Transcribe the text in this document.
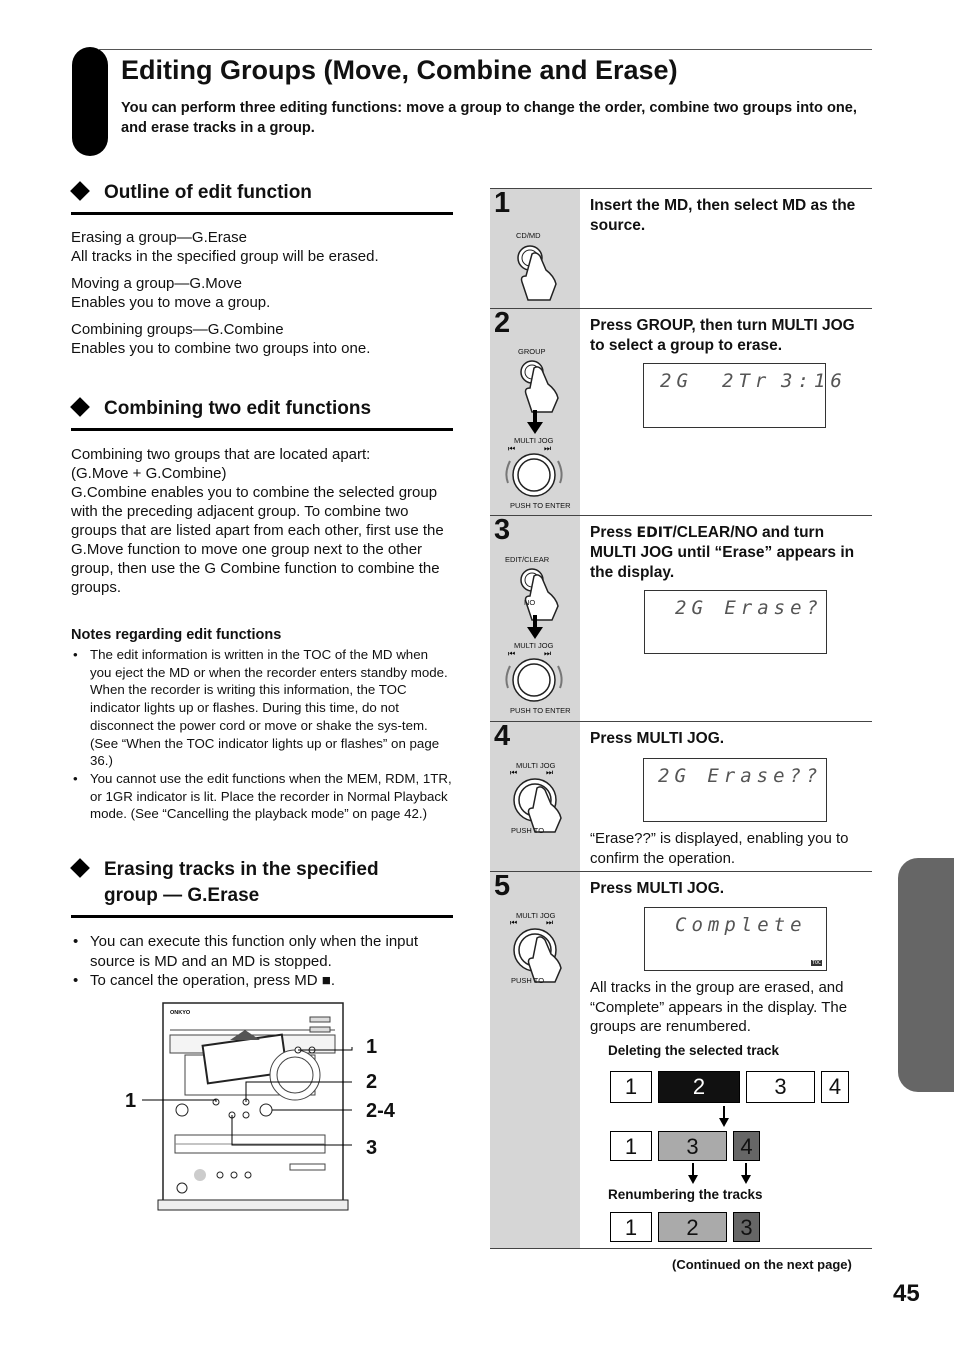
Editing Groups (Move, Combine and Erase)
You can perform three editing functions: move a group to change the order, combine two groups into one, and erase tracks in a group.
Outline of edit function

Erasing a group—G.Erase

All tracks in the specified group will be erased.

Moving a group—G.Move

Enables you to move a group.

Combining groups—G.Combine

Enables you to combine two groups into one.

Combining two edit functions

Combining two groups that are located apart:

(G.Move + G.Combine)

G.Combine enables you to combine the selected group with the preceding adjacent group. To combine two groups that are listed apart from each other, first use the G.Move function to move one group next to the other group, then use the G Combine function to combine the groups.

Notes regarding edit functions
• The edit information is written in the TOC of the MD when you eject the MD or when the recorder enters standby mode. When the recorder is writing this information, the TOC indicator lights up or flashes. During this time, do not disconnect the power cord or move or shake the sys-tem. (See “When the TOC indicator lights up or flashes” on page 36.)
• You cannot use the edit functions when the MEM, RDM, 1TR, or 1GR indicator is lit. Place the recorder in Normal Playback mode. (See “Cancelling the playback mode” on page 42.)
Erasing tracks in the specified
group — G.Erase
• You can execute this function only when the input source is MD and an MD is stopped.
• To cancel the operation, press MD ■.
ONKYO
1
2
2-4
3
1
1
CD/MD
Insert the MD, then select MD as the source.
2
GROUP
MULTI JOG
⏮	⏭
PUSH TO ENTER
Press GROUP, then turn MULTI JOG to select a group to erase.
2G 2Tr 3:16
3
EDIT/CLEAR
NO
MULTI JOG
⏮	⏭
PUSH TO ENTER
Press EDIT/CLEAR/NO and turn MULTI JOG until “Erase” appears in the display.
2G Erase?
4
MULTI JOG
⏮	⏭
PUSH TO
Press MULTI JOG.
2G Erase??
“Erase??” is displayed, enabling you to confirm the operation.
5
MULTI JOG
⏮	⏭
PUSH TO
Press MULTI JOG.
Complete
TOC
All tracks in the group are erased, and “Complete” appears in the display. The groups are renumbered.
Deleting the selected track
1	2	3	4
1	3	4
Renumbering the tracks
1	2	3
(Continued on the next page)
45
